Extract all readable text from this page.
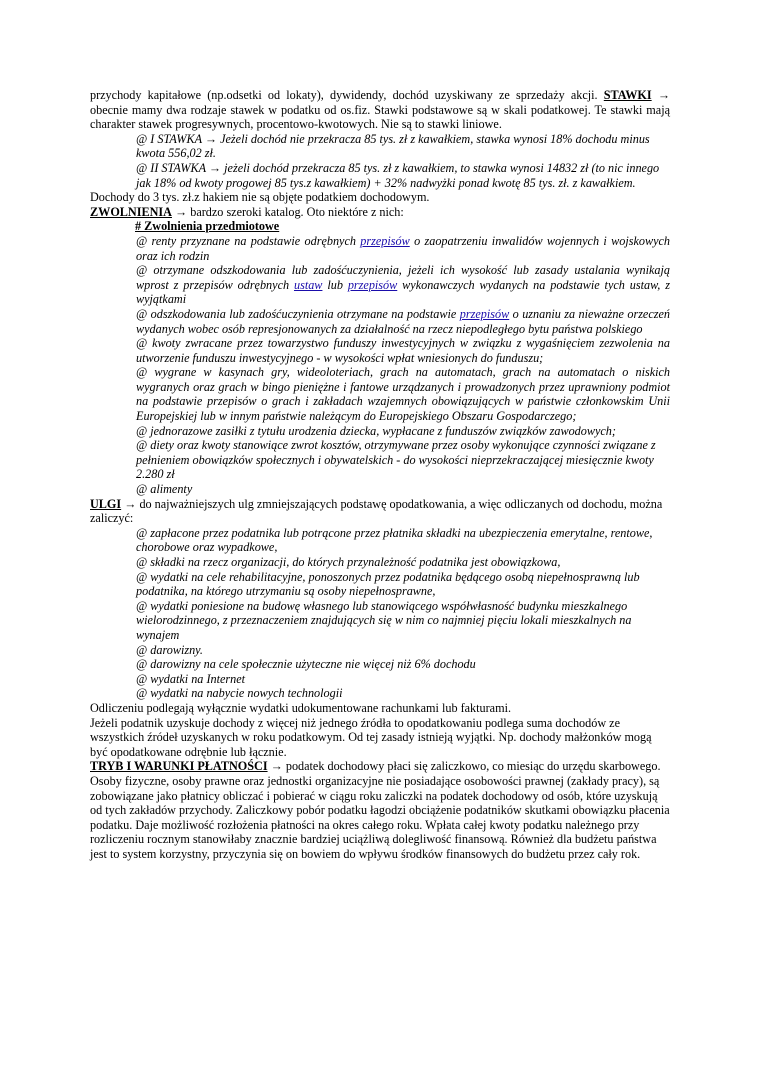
przychody kapitałowe (np.odsetki od lokaty), dywidendy, dochód uzyskiwany ze sprzedaży akcji. STAWKI → obecnie mamy dwa rodzaje stawek w podatku od os.fiz. Stawki podstawowe są w skali podatkowej. Te stawki mają charakter stawek progresywnych, procentowo-kwotowych. Nie są to stawki liniowe.

@ I STAWKA → Jeżeli dochód nie przekracza 85 tys. zł z kawałkiem, stawka wynosi 18% dochodu minus kwota 556,02 zł.

@ II STAWKA → jeżeli dochód przekracza 85 tys. zł z kawałkiem, to stawka wynosi 14832 zł (to nic innego jak 18% od kwoty progowej 85 tys.z kawałkiem) + 32% nadwyżki ponad kwotę 85 tys. zł. z kawałkiem.

Dochody do 3 tys. zł.z hakiem nie są objęte podatkiem dochodowym.

ZWOLNIENIA → bardzo szeroki katalog. Oto niektóre z nich:

# Zwolnienia przedmiotowe

@ renty przyznane na podstawie odrębnych przepisów o zaopatrzeniu inwalidów wojennych i wojskowych oraz ich rodzin

@ otrzymane odszkodowania lub zadośćuczynienia, jeżeli ich wysokość lub zasady ustalania wynikają wprost z przepisów odrębnych ustaw lub przepisów wykonawczych wydanych na podstawie tych ustaw, z wyjątkami

@ odszkodowania lub zadośćuczynienia otrzymane na podstawie przepisów o uznaniu za nieważne orzeczeń wydanych wobec osób represjonowanych za działalność na rzecz niepodległego bytu państwa polskiego

@ kwoty zwracane przez towarzystwo funduszy inwestycyjnych w związku z wygaśnięciem zezwolenia na utworzenie funduszu inwestycyjnego - w wysokości wpłat wniesionych do funduszu;

@ wygrane w kasynach gry, wideoloteriach, grach na automatach, grach na automatach o niskich wygranych oraz grach w bingo pieniężne i fantowe urządzanych i prowadzonych przez uprawniony podmiot na podstawie przepisów o grach i zakładach wzajemnych obowiązujących w państwie członkowskim Unii Europejskiej lub w innym państwie należącym do Europejskiego Obszaru Gospodarczego;

@ jednorazowe zasiłki z tytułu urodzenia dziecka, wypłacane z funduszów związków zawodowych;

@ diety oraz kwoty stanowiące zwrot kosztów, otrzymywane przez osoby wykonujące czynności związane z pełnieniem obowiązków społecznych i obywatelskich - do wysokości nieprzekraczającej miesięcznie kwoty 2.280 zł

@ alimenty

ULGI → do najważniejszych ulg zmniejszających podstawę opodatkowania, a więc odliczanych od dochodu, można zaliczyć:

@ zapłacone przez podatnika lub potrącone przez płatnika składki na ubezpieczenia emerytalne, rentowe, chorobowe oraz wypadkowe,

@ składki na rzecz organizacji, do których przynależność podatnika jest obowiązkowa,

@ wydatki na cele rehabilitacyjne, ponoszonych przez podatnika będącego osobą niepełnosprawną lub podatnika, na którego utrzymaniu są osoby niepełnosprawne,

@ wydatki poniesione na budowę własnego lub stanowiącego współwłasność budynku mieszkalnego wielorodzinnego, z przeznaczeniem znajdujących się w nim co najmniej pięciu lokali mieszkalnych na wynajem

@ darowizny.

@ darowizny na cele społecznie użyteczne nie więcej niż 6% dochodu

@ wydatki na Internet

@ wydatki na nabycie nowych technologii

Odliczeniu podlegają wyłącznie wydatki udokumentowane rachunkami lub fakturami.

Jeżeli podatnik uzyskuje dochody z więcej niż jednego źródła to opodatkowaniu podlega suma dochodów ze wszystkich źródeł uzyskanych w roku podatkowym. Od tej zasady istnieją wyjątki. Np. dochody małżonków mogą być opodatkowane odrębnie lub łącznie.

TRYB I WARUNKI PŁATNOŚCI → podatek dochodowy płaci się zaliczkowo, co miesiąc do urzędu skarbowego. Osoby fizyczne, osoby prawne oraz jednostki organizacyjne nie posiadające osobowości prawnej (zakłady pracy), są zobowiązane jako płatnicy obliczać i pobierać w ciągu roku zaliczki na podatek dochodowy od osób, które uzyskują od tych zakładów przychody. Zaliczkowy pobór podatku łagodzi obciążenie podatników skutkami obowiązku płacenia podatku. Daje możliwość rozłożenia płatności na okres całego roku. Wpłata całej kwoty podatku należnego przy rozliczeniu rocznym stanowiłaby znacznie bardziej uciążliwą dolegliwość finansową. Również dla budżetu państwa jest to system korzystny, przyczynia się on bowiem do wpływu środków finansowych do budżetu przez cały rok.
